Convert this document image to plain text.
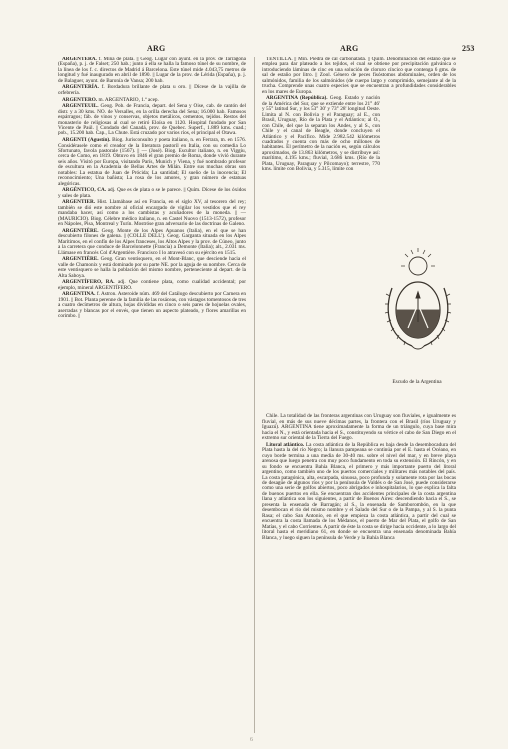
ARG	ARG	253

ARGENTERA. f. Mina de plata. || Geog. Lugar con ayunt. en la prov. de Tarragona (España), p. j. de Falset; 250 hab.; junto á ella se halla la famoso túnel de su nombre, de la línea de los f. c. directos de Madrid á Barcelona. Este túnel mide 4.043,75 metros de longitud y fué inaugurado en abril de 1890. || Lugar de la prov. de Lérida (España), p. j. de Balaguer, ayunt. de Baronía de Vansa; 200 hab.

ARGENTERÍA. f. Bordadura brillante de plata u oro. || Dícese de la vajilla de orfebrería.

ARGENTERO. m. ARGENTARIO, 1.ª acep.

ARGENTEUIL. Geog. Pob. de Francia, depart. del Sena y Oise, cab. de cantón del distr. y a 30 kms. NO. de Versalles, en la orilla derecha del Sena; 16.000 hab. Famosos espárragos; fáb. de vinos y conservas, objetos metálicos, cementos, tejidos. Restos del monasterio de religiosas al cual se retiró Eloísa en 1120. Hospital fundado por San Vicente de Paúl. || Condado del Canadá, prov. de Quebec. Superf., 1.889 kms. cuad.; pob., 15.200 hab. Cap., La Chute. Está cruzado por varios ríos, el principal el Otawa.

ARGENTI (Agustín). Biog. Jurisconsulto y poeta italiano, n. en Ferrara, m. en 1576. Considérasele como el creador de la literatura pastoril en Italia, con su comedia Lo Sfortunato, favola pastorale (1567). || — (José). Biog. Escultor italiano, n. en Viggiu, cerca de Como, en 1819. Obtuvo en 1846 el gran premio de Roma, donde vivió durante seis años. Visitó por Europa, visitando París, Munich y Viena, y fué nombrado profesor de escultura en la Academia de Bellas Artes de Milán. Entre sus muchas obras son notables: La estatua de Juan de Prócida; La santidad; El sueño de la inocencia; El reconocimiento; Una bañista; La rosa de los amores, y gran número de estatuas alegóricas.

ARGÉNTICO, CA. adj. Que es de plata o se le parece. || Quím. Dícese de los óxidos y sales de plata.

ARGENTIER. Hist. Llamábase así en Francia, en el siglo XV, al tesorero del rey; también se dió este nombre al oficial encargado de vigilar los vestidos que el rey mandaba hacer, así como a los cambistas y acuñadores de la moneda. || — (MAURICIO). Biog. Célebre médico italiano, n. en Castel Nuovo (1513-1572), profesor en Nápoles, Pisa, Montreal y Turín. Mostróse gran adversario de las doctrinas de Galeno.

ARGENTIÈRE. Geog. Monte de los Alpes Apuanos (Italia), en el que se han descubierto filones de galena. || (COLLE DELL'). Geog. Garganta situada en los Alpes Marítimos, en el confín de los Alpes franceses, los Altos Alpes y la prov. de Cúneo, junto a la carretera que conduce de Barcelonnette (Francia) a Demonte (Italia); alt., 2.031 ms. Llámase en francés Col d'Argentière. Francisco I lo atravesó con su ejército en 1515.

ARGENTIÈRE. Geog. Gran ventisquero, en el Mont-Blanc, que desciende hacia el valle de Chamonix y está dominado por su parte NE. por la aguja de su nombre. Cerca de este ventisquero se halla la población del mismo nombre, perteneciente al depart. de la Alta Saboya.

ARGENTÍFERO, RA. adj. Que contiene plata, como cualidad accidental; por ejemplo, mineral ARGENTÍFERO.

ARGENTINA. f. Astron. Asteroide núm. 469 del Catálogo descubierto por Carnera en 1901. || Bot. Planta perenne de la familia de las rosáceas, con vástagos tomentosos de tres a cuatro decímetros de altura, hojas divididas en cinco o seis pares de hojuelas ovales, aserradas y blancas por el envés, que tienen un aspecto plateado, y flores amarillas en corimbo. ||

TENTILLA. || Min. Piedra de cal carbonatada. || Quím. Denominación del estaño que se emplea para dar plateado a los tejidos, el cual se obtiene por precipitación galvánica o introduciendo láminas de cinc en una solución de cloruro cíncico que contenga 6 gms. de sal de estaño por litro. || Zool. Género de peces fisóstomos abdominales, orden de los salmónidos, familia de los salmónidos (de cuerpo largo y comprimido, semejante al de la trucha. Comprende unas cuatro especies que se encuentran a profundidades considerables en los mares de Europa.

ARGENTINA (República). Geog. Estado y nación de la América del Sur, que se extiende entre los 21° 46' y 55° latitud Sur, y los 53° 30' y 73° 28' longitud Oeste. Limita al N. con Bolivia y el Paraguay; al E., con Brasil, Uruguay, Río de la Plata y el Atlántico; al O., con Chile, del que la separan los Andes, y al S., con Chile y el canal de Beagle, donde concluyen el Atlántico y el Pacífico. Mide 2.982.542 kilómetros cuadrados y cuenta con más de ocho millones de habitantes. El perímetro de la nación es, según cálculos aproximados, de 13.863 kilómetros, y se distribuye así: marítimo, 4.195 kms.; fluvial, 3.686 kms. (Río de la Plata, Uruguay, Paraguay y Pilcomayo); terrestre, 770 kms. límite con Bolivia, y 5.315, límite con

Escudo de la Argentina

Chile. La totalidad de las fronteras argentinas con Uruguay son fluviales, e igualmente es fluvial, en más de sus nueve décimas partes, la frontera con el Brasil (ríos Uruguay y Iguazú). ARGENTINA tiene aproximadamente la forma de un triángulo, cuya base mira hacia el N., y está orientada hacia el S., constituyendo su vértice el cabo de San Diego en el extremo sur oriental de la Tierra del Fuego.

Litoral atlántico. La costa atlántica de la República es baja desde la desembocadura del Plata hasta la del río Negro; la llanura pampeana se continúa por el E. hasta el Océano, en cuyo borde termina a una media de 30-40 ms. sobre el nivel del mar, y en breve playa arenosa que luego penetra con muy poco fundamento en toda su extensión. El Rincón, y en su fondo se encuentra Bahía Blanca, el primero y más importante puerto del litoral argentino, como también uno de los puertos comerciales y militares más notables del país. La costa patagónica, alta, escarpada, sinuosa, poco profunda y solamente rota por las bocas de desagüe de algunos ríos y por la península de Valdés o de San José, puede considerarse como una serie de golfos abiertos, poco abrigados e inhospitalarios, lo que explica la falta de buenos puertos en ella. Se encuentran dos accidentes principales de la costa argentina llana y atlántica son los siguientes, a partir de Buenos Aires: descendiendo hacia el S., se presenta la ensenada de Barragán; al S., la ensenada de Samborombón, en la que desembocan el río del mismo nombre y el Salado del Sur o de la Pampa, y al S. la punta Rasa; el cabo San Antonio, en el que empieza la costa atlántica, a partir del cual se encuentra la costa llamada de los Médanos, el puerto de Mar del Plata, el golfo de San Matías, y el cabo Corrientes. A partir de éste la costa se dirige hacia occidente, a lo largo del litoral hasta el meridiano 61, en donde se encuentra una ensenada denominada Bahía Blanca, y luego siguen la península de Verde y la Bahía Blanca

6
